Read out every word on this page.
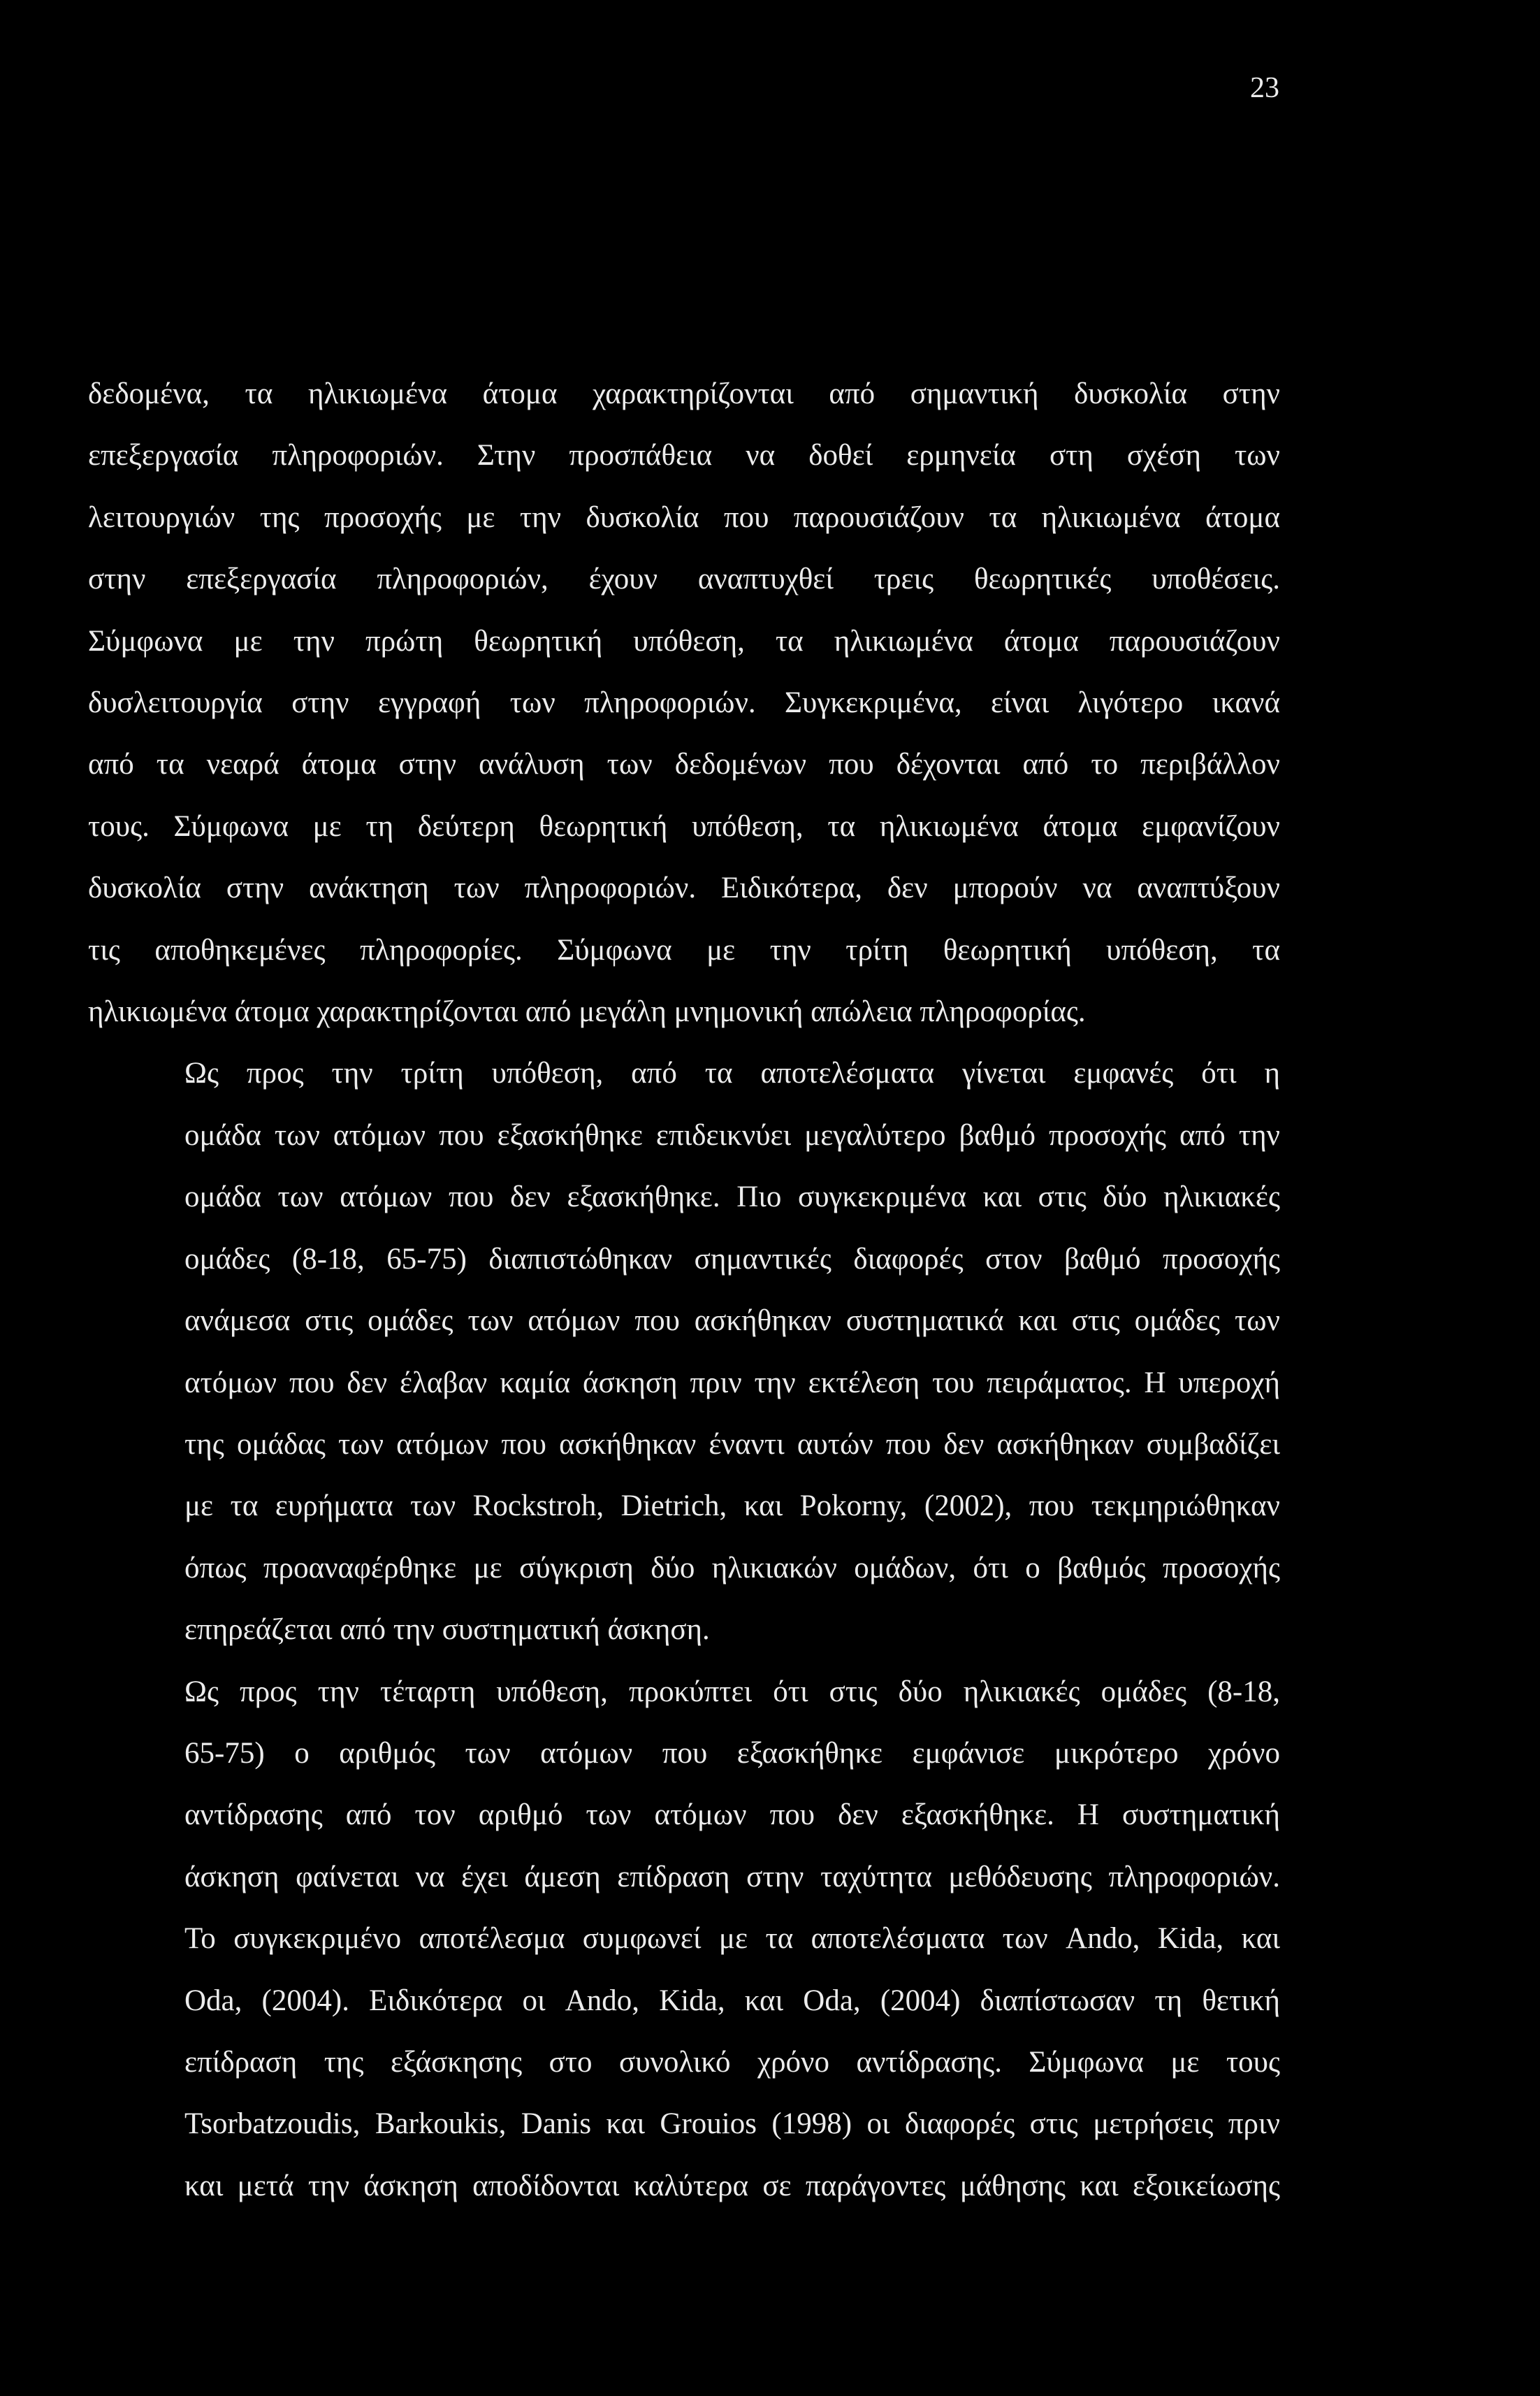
23

δεδομένα, τα ηλικιωμένα άτομα χαρακτηρίζονται από σημαντική δυσκολία στην
επεξεργασία πληροφοριών. Στην προσπάθεια να δοθεί ερμηνεία στη σχέση των
λειτουργιών της προσοχής με την δυσκολία που παρουσιάζουν τα ηλικιωμένα άτομα
στην επεξεργασία πληροφοριών, έχουν αναπτυχθεί τρεις θεωρητικές υποθέσεις.
Σύμφωνα με την πρώτη θεωρητική υπόθεση, τα ηλικιωμένα άτομα παρουσιάζουν
δυσλειτουργία στην εγγραφή των πληροφοριών. Συγκεκριμένα, είναι λιγότερο ικανά
από τα νεαρά άτομα στην ανάλυση των δεδομένων που δέχονται από το περιβάλλον
τους. Σύμφωνα με τη δεύτερη θεωρητική υπόθεση, τα ηλικιωμένα άτομα εμφανίζουν
δυσκολία στην ανάκτηση των πληροφοριών. Ειδικότερα, δεν μπορούν να αναπτύξουν
τις αποθηκεμένες πληροφορίες. Σύμφωνα με την τρίτη θεωρητική υπόθεση, τα
ηλικιωμένα άτομα χαρακτηρίζονται από μεγάλη μνημονική απώλεια πληροφορίας.

Ως προς την τρίτη υπόθεση, από τα αποτελέσματα γίνεται εμφανές ότι η
ομάδα των ατόμων που εξασκήθηκε επιδεικνύει μεγαλύτερο βαθμό προσοχής από την
ομάδα των ατόμων που δεν εξασκήθηκε. Πιο συγκεκριμένα και στις δύο ηλικιακές
ομάδες (8-18, 65-75) διαπιστώθηκαν σημαντικές διαφορές στον βαθμό προσοχής
ανάμεσα στις ομάδες των ατόμων που ασκήθηκαν συστηματικά και στις ομάδες των
ατόμων που δεν έλαβαν καμία άσκηση πριν την εκτέλεση του πειράματος. Η υπεροχή
της ομάδας των ατόμων που ασκήθηκαν έναντι αυτών που δεν ασκήθηκαν συμβαδίζει
με τα ευρήματα των Rockstroh, Dietrich, και Pokorny, (2002), που τεκμηριώθηκαν
όπως προαναφέρθηκε με σύγκριση δύο ηλικιακών ομάδων, ότι ο βαθμός προσοχής
επηρεάζεται από την συστηματική άσκηση.

Ως προς την τέταρτη υπόθεση, προκύπτει ότι στις δύο ηλικιακές ομάδες (8-18,
65-75) ο αριθμός των ατόμων που εξασκήθηκε εμφάνισε μικρότερο χρόνο
αντίδρασης από τον αριθμό των ατόμων που δεν εξασκήθηκε. Η συστηματική
άσκηση φαίνεται να έχει άμεση επίδραση στην ταχύτητα μεθόδευσης πληροφοριών.
Το συγκεκριμένο αποτέλεσμα συμφωνεί με τα αποτελέσματα των Ando, Kida, και
Oda, (2004). Ειδικότερα οι Ando, Kida, και Oda, (2004) διαπίστωσαν τη θετική
επίδραση της εξάσκησης στο συνολικό χρόνο αντίδρασης. Σύμφωνα με τους
Tsorbatzoudis, Barkoukis, Danis και Grouios (1998) οι διαφορές στις μετρήσεις πριν
και μετά την άσκηση αποδίδονται καλύτερα σε παράγοντες μάθησης και εξοικείωσης
